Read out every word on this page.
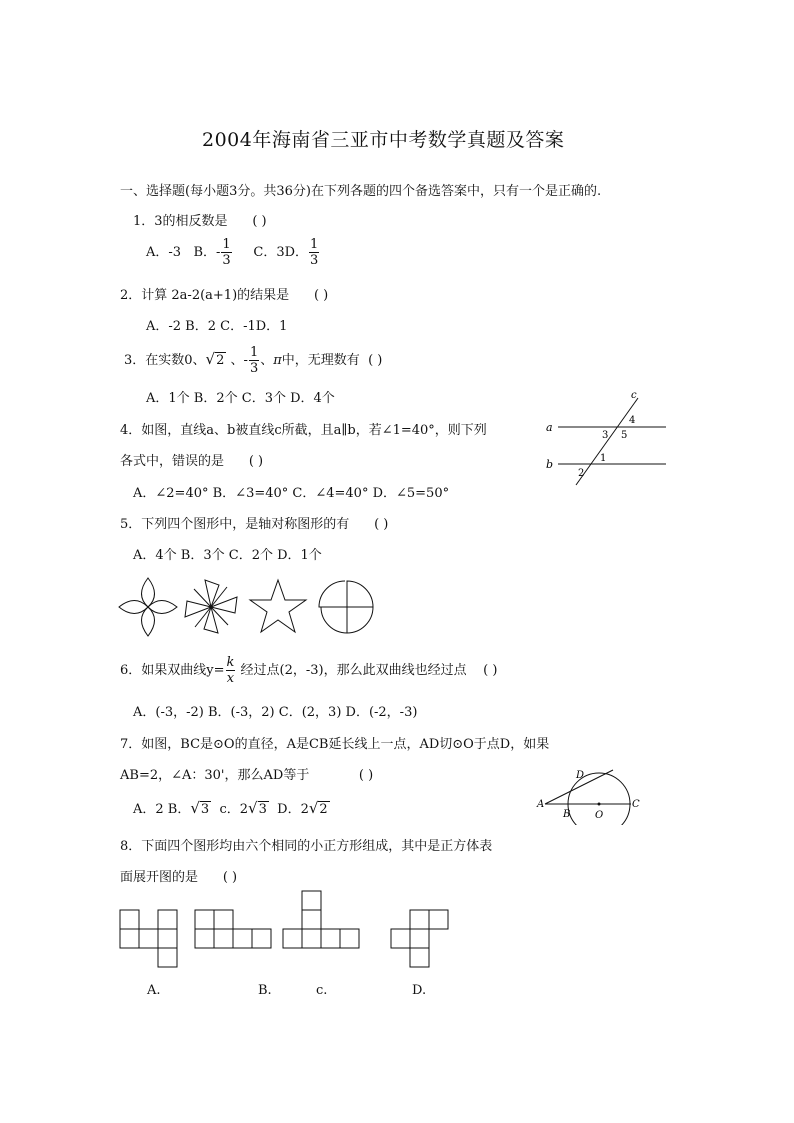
2004年海南省三亚市中考数学真题及答案
一、选择题(每小题3分。共36分)在下列各题的四个备选答案中，只有一个是正确的.
1．3的相反数是 ( )
A．-3 B．- $\frac{1}{3}$ C．3D． $\frac{1}{3}$
2．计算 2a-2(a+1)的结果是 ( )
A．-2 B．2 C．-1D．1
3．在实数0、√2 、- $\frac{1}{3}$ 、π中，无理数有 ( )
A．1个 B．2个 C．3个 D．4个
4．如图，直线a、b被直线c所截，且a∥b，若∠1=40°，则下列
各式中，错误的是 ( )
A．∠2=40° B．∠3=40° C．∠4=40° D．∠5=50°
a
b
c
4
3 5
1
2
5．下列四个图形中，是轴对称图形的有 ( )
A．4个 B．3个 C．2个 D．1个
6．如果双曲线$y= \frac{k}{x}$ 经过点(2，-3)，那么此双曲线也经过点 ( )
A．(-3，-2) B．(-3，2) C．(2，3) D．(-2，-3)
7．如图，BC是⊙O的直径，A是CB延长线上一点，AD切⊙O于点D，如果
AB=2，∠A：30'，那么AD等于	( )
A．2 B．√3 c．2√3 D．2√2
D
A
B O
C
8．下面四个图形均由六个相同的小正方形组成，其中是正方体表
面展开图的是 ( )
A.	B.	c.	D.
